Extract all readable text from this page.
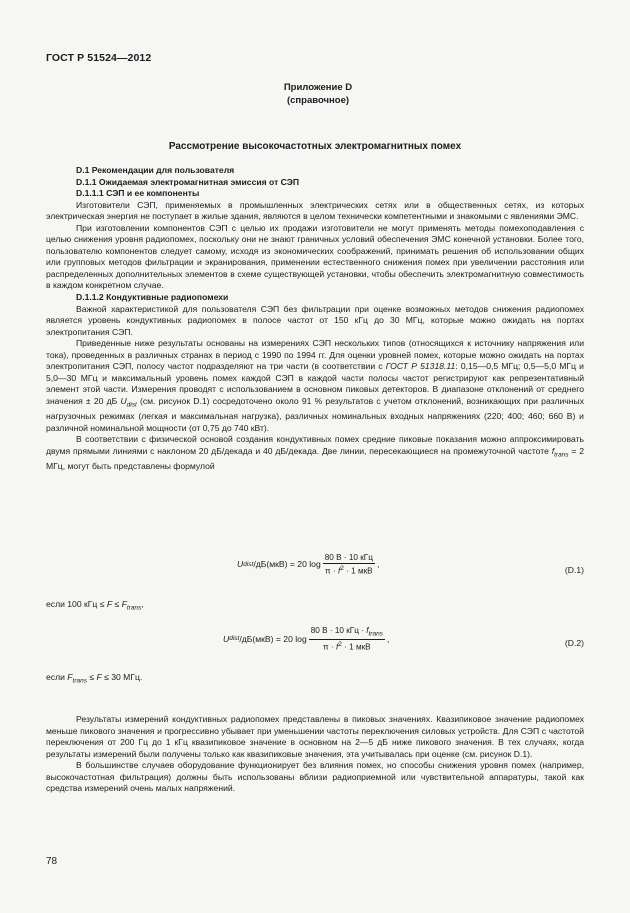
ГОСТ Р 51524—2012
Приложение D
(справочное)
Рассмотрение высокочастотных электромагнитных помех

D.1 Рекомендации для пользователя

D.1.1 Ожидаемая электромагнитная эмиссия от СЭП

D.1.1.1 СЭП и ее компоненты

Изготовители СЭП, применяемых в промышленных электрических сетях или в общественных сетях, из которых электрическая энергия не поступает в жилые здания, являются в целом технически компетентными и знакомыми с явлениями ЭМС.

При изготовлении компонентов СЭП с целью их продажи изготовители не могут применять методы помехоподавления с целью снижения уровня радиопомех, поскольку они не знают граничных условий обеспечения ЭМС конечной установки. Более того, пользователю компонентов следует самому, исходя из экономических соображений, принимать решения об использовании общих или групповых методов фильтрации и экранирования, применении естественного снижения помех при увеличении расстояния или распределенных дополнительных элементов в схеме существующей установки, чтобы обеспечить электромагнитную совместимость в каждом конкретном случае.

D.1.1.2 Кондуктивные радиопомехи

Важной характеристикой для пользователя СЭП без фильтрации при оценке возможных методов снижения радиопомех является уровень кондуктивных радиопомех в полосе частот от 150 кГц до 30 МГц, которые можно ожидать на портах электропитания СЭП.

Приведенные ниже результаты основаны на измерениях СЭП нескольких типов (относящихся к источнику напряжения или тока), проведенных в различных странах в период с 1990 по 1994 гг. Для оценки уровней помех, которые можно ожидать на портах электропитания СЭП, полосу частот подразделяют на три части (в соответствии с ГОСТ Р 51318.11: 0,15—0,5 МГц; 0,5—5,0 МГц и 5,0—30 МГц и максимальный уровень помех каждой СЭП в каждой части полосы частот регистрируют как репрезентативный элемент этой части. Измерения проводят с использованием в основном пиковых детекторов. В диапазоне отклонений от среднего значения ± 20 дБ $U_{dist}$ (см. рисунок D.1) сосредоточено около 91 % результатов с учетом отклонений, возникающих при различных нагрузочных режимах (легкая и максимальная нагрузка), различных номинальных входных напряжениях (220; 400; 460; 660 В) и различной номинальной мощности (от 0,75 до 740 кВт).

В соответствии с физической основой создания кондуктивных помех средние пиковые показания можно аппроксимировать двумя прямыми линиями с наклоном 20 дБ/декада и 40 дБ/декада. Две линии, пересекающиеся на промежуточной частоте $f_{trans} = 2$ МГц, могут быть представлены формулой

U dist /дБ(мкВ) = 20 $\log \frac{\text{80 В · 10 кГц}}{\pi \cdot f^2 \cdot 1 мкВ}$ ,
(D.1)
если 100 кГц ≤ $F \le F_{trans}$,
U dist /дБ(мкВ) = 20 $\log \frac{80 В \cdot 10 кГц \cdot f_{trans}}{\pi \cdot f^2 \cdot 1 мкВ}$ ,	(D.2)
если $F_{trans} \le F \le 30$ МГц.

Результаты измерений кондуктивных радиопомех представлены в пиковых значениях. Квазипиковое значение радиопомех меньше пикового значения и прогрессивно убывает при уменьшении частоты переключения силовых устройств. Для СЭП с частотой переключения от 200 Гц до 1 кГц квазипиковое значение в основном на 2—5 дБ ниже пикового значения. В тех случаях, когда результаты измерений были получены только как квазипиковые значения, эта учитывалась при оценке (см. рисунок D.1).

В большинстве случаев оборудование функционирует без влияния помех, но способы снижения уровня помех (например, высокочастотная фильтрация) должны быть использованы вблизи радиоприемной или чувствительной аппаратуры, такой как средства измерений очень малых напряжений.

78
